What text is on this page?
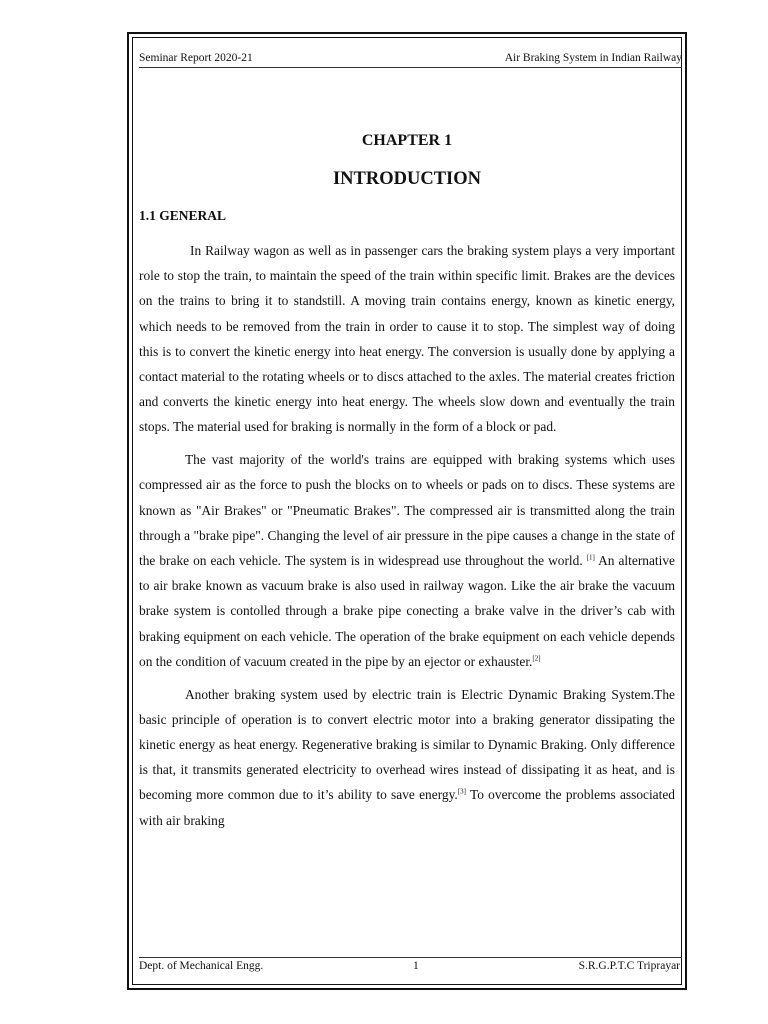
Seminar Report 2020-21	Air Braking System in Indian Railway
CHAPTER 1
INTRODUCTION
1.1 GENERAL

In Railway wagon as well as in passenger cars the braking system plays a very important role to stop the train, to maintain the speed of the train within specific limit. Brakes are the devices on the trains to bring it to standstill. A moving train contains energy, known as kinetic energy, which needs to be removed from the train in order to cause it to stop. The simplest way of doing this is to convert the kinetic energy into heat energy. The conversion is usually done by applying a contact material to the rotating wheels or to discs attached to the axles. The material creates friction and converts the kinetic energy into heat energy. The wheels slow down and eventually the train stops. The material used for braking is normally in the form of a block or pad.

The vast majority of the world's trains are equipped with braking systems which uses compressed air as the force to push the blocks on to wheels or pads on to discs. These systems are known as "Air Brakes" or "Pneumatic Brakes". The compressed air is transmitted along the train through a "brake pipe". Changing the level of air pressure in the pipe causes a change in the state of the brake on each vehicle. The system is in widespread use throughout the world. [1] An alternative to air brake known as vacuum brake is also used in railway wagon. Like the air brake the vacuum brake system is contolled through a brake pipe conecting a brake valve in the driver’s cab with braking equipment on each vehicle. The operation of the brake equipment on each vehicle depends on the condition of vacuum created in the pipe by an ejector or exhauster.[2]

Another braking system used by electric train is Electric Dynamic Braking System.The basic principle of operation is to convert electric motor into a braking generator dissipating the kinetic energy as heat energy. Regenerative braking is similar to Dynamic Braking. Only difference is that, it transmits generated electricity to overhead wires instead of dissipating it as heat, and is becoming more common due to it’s ability to save energy.[3] To overcome the problems associated with air braking

Dept. of Mechanical Engg.	1	S.R.G.P.T.C Triprayar
